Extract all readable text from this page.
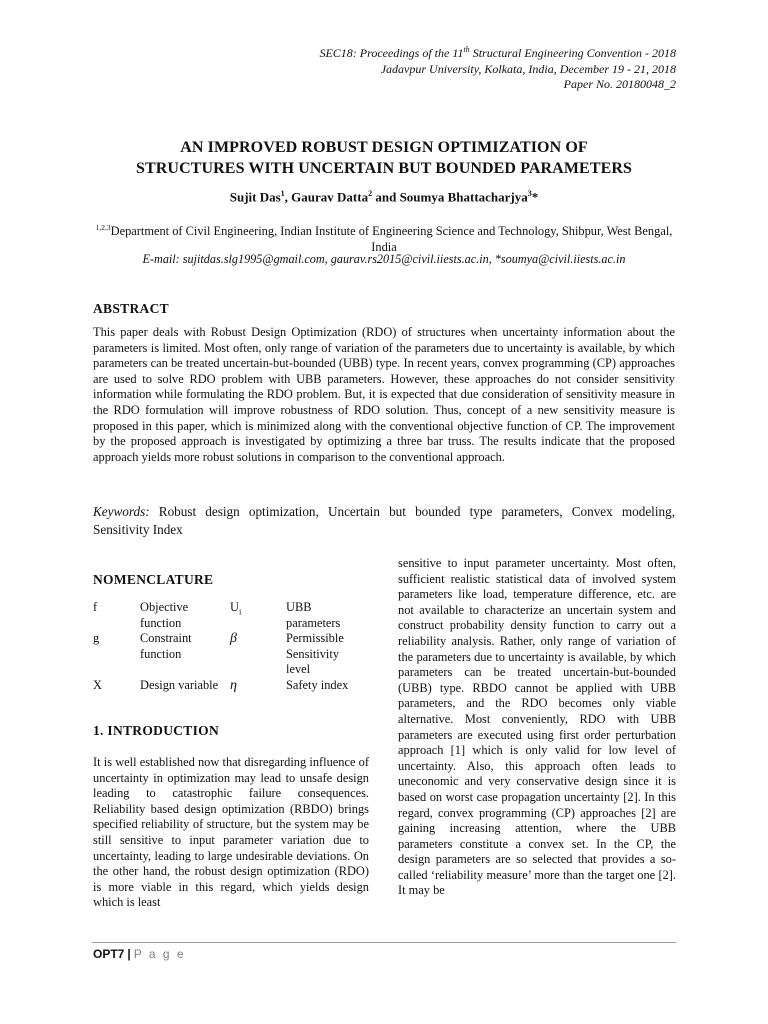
SEC18: Proceedings of the 11th Structural Engineering Convention - 2018
Jadavpur University, Kolkata, India, December 19 - 21, 2018
Paper No. 20180048_2
AN IMPROVED ROBUST DESIGN OPTIMIZATION OF
STRUCTURES WITH UNCERTAIN BUT BOUNDED PARAMETERS
Sujit Das$^1$, Gaurav Datta$^2$ and Soumya Bhattacharjya$^3$*
$^{1,2,3}$Department of Civil Engineering, Indian Institute of Engineering Science and Technology, Shibpur, West Bengal, India
E-mail: sujitdas.slg1995@gmail.com, gaurav.rs2015@civil.iiests.ac.in, *soumya@civil.iiests.ac.in
ABSTRACT
This paper deals with Robust Design Optimization (RDO) of structures when uncertainty information about the parameters is limited. Most often, only range of variation of the parameters due to uncertainty is available, by which parameters can be treated uncertain-but-bounded (UBB) type. In recent years, convex programming (CP) approaches are used to solve RDO problem with UBB parameters. However, these approaches do not consider sensitivity information while formulating the RDO problem. But, it is expected that due consideration of sensitivity measure in the RDO formulation will improve robustness of RDO solution. Thus, concept of a new sensitivity measure is proposed in this paper, which is minimized along with the conventional objective function of CP. The improvement by the proposed approach is investigated by optimizing a three bar truss. The results indicate that the proposed approach yields more robust solutions in comparison to the conventional approach.
Keywords: Robust design optimization, Uncertain but bounded type parameters, Convex modeling, Sensitivity Index
NOMENCLATURE
f	Objective function	$U_i$	UBB parameters
g	Constraint function	β	Permissible Sensitivity level
X	Design variable	η	Safety index
1. INTRODUCTION
It is well established now that disregarding influence of uncertainty in optimization may lead to unsafe design leading to catastrophic failure consequences. Reliability based design optimization (RBDO) brings specified reliability of structure, but the system may be still sensitive to input parameter variation due to uncertainty, leading to large undesirable deviations. On the other hand, the robust design optimization (RDO) is more viable in this regard, which yields design which is least
sensitive to input parameter uncertainty. Most often, sufficient realistic statistical data of involved system parameters like load, temperature difference, etc. are not available to characterize an uncertain system and construct probability density function to carry out a reliability analysis. Rather, only range of variation of the parameters due to uncertainty is available, by which parameters can be treated uncertain-but-bounded (UBB) type. RBDO cannot be applied with UBB parameters, and the RDO becomes only viable alternative. Most conveniently, RDO with UBB parameters are executed using first order perturbation approach [1] which is only valid for low level of uncertainty. Also, this approach often leads to uneconomic and very conservative design since it is based on worst case propagation uncertainty [2]. In this regard, convex programming (CP) approaches [2] are gaining increasing attention, where the UBB parameters constitute a convex set. In the CP, the design parameters are so selected that provides a so-called ‘reliability measure’ more than the target one [2]. It may be
OPT7 | P a g e
